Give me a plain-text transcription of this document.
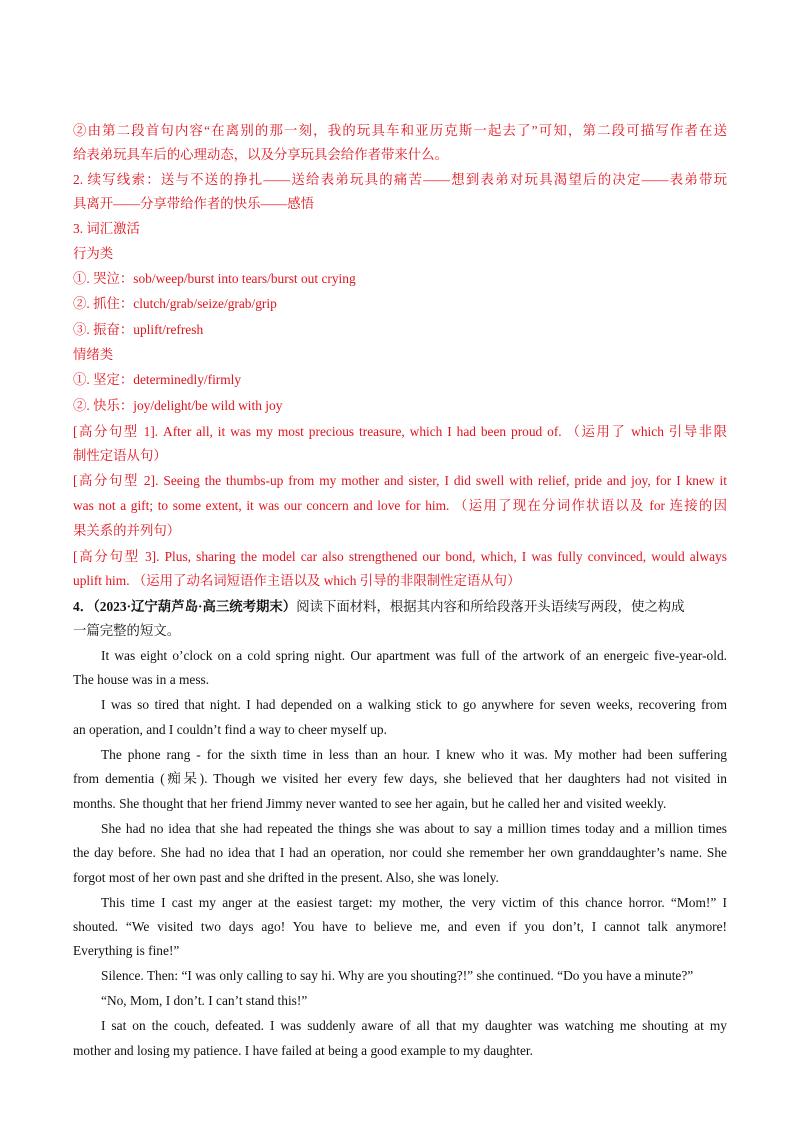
②由第二段首句内容“在离别的那一刻，我的玩具车和亚历克斯一起去了”可知，第二段可描写作者在送
给表弟玩具车后的心理动态，以及分享玩具会给作者带来什么。
2. 续写线索：送与不送的挣扎——送给表弟玩具的痛苦——想到表弟对玩具渴望后的决定——表弟带玩
具离开——分享带给作者的快乐——感悟
3. 词汇激活
行为类
①. 哭泣：sob/weep/burst into tears/burst out crying
②. 抓住：clutch/grab/seize/grab/grip
③. 振奋：uplift/refresh
情绪类
①. 坚定：determinedly/firmly
②. 快乐：joy/delight/be wild with joy
[高分句型 1]. After all, it was my most precious treasure, which I had been proud of. （运用了 which 引导非限
制性定语从句）
[高分句型 2]. Seeing the thumbs-up from my mother and sister, I did swell with relief, pride and joy, for I knew it
was not a gift; to some extent, it was our concern and love for him. （运用了现在分词作状语以及 for 连接的因
果关系的并列句）
[高分句型 3]. Plus, sharing the model car also strengthened our bond, which, I was fully convinced, would always
uplift him. （运用了动名词短语作主语以及 which 引导的非限制性定语从句）
4．（2023·辽宁葫芦岛·高三统考期末）阅读下面材料，根据其内容和所给段落开头语续写两段，使之构成
一篇完整的短文。
It was eight o’clock on a cold spring night. Our apartment was full of the artwork of an energeic five-year-old.
The house was in a mess.
I was so tired that night. I had depended on a walking stick to go anywhere for seven weeks, recovering from
an operation, and I couldn’t find a way to cheer myself up.
The phone rang - for the sixth time in less than an hour. I knew who it was. My mother had been suffering
from dementia (痴呆). Though we visited her every few days, she believed that her daughters had not visited in
months. She thought that her friend Jimmy never wanted to see her again, but he called her and visited weekly.
She had no idea that she had repeated the things she was about to say a million times today and a million times
the day before. She had no idea that I had an operation, nor could she remember her own granddaughter’s name. She
forgot most of her own past and she drifted in the present. Also, she was lonely.
This time I cast my anger at the easiest target: my mother, the very victim of this chance horror. “Mom!” I
shouted. “We visited two days ago! You have to believe me, and even if you don’t, I cannot talk anymore!
Everything is fine!”
Silence. Then: “I was only calling to say hi. Why are you shouting?!” she continued. “Do you have a minute?”
“No, Mom, I don’t. I can’t stand this!”
I sat on the couch, defeated. I was suddenly aware of all that my daughter was watching me shouting at my
mother and losing my patience. I have failed at being a good example to my daughter.
